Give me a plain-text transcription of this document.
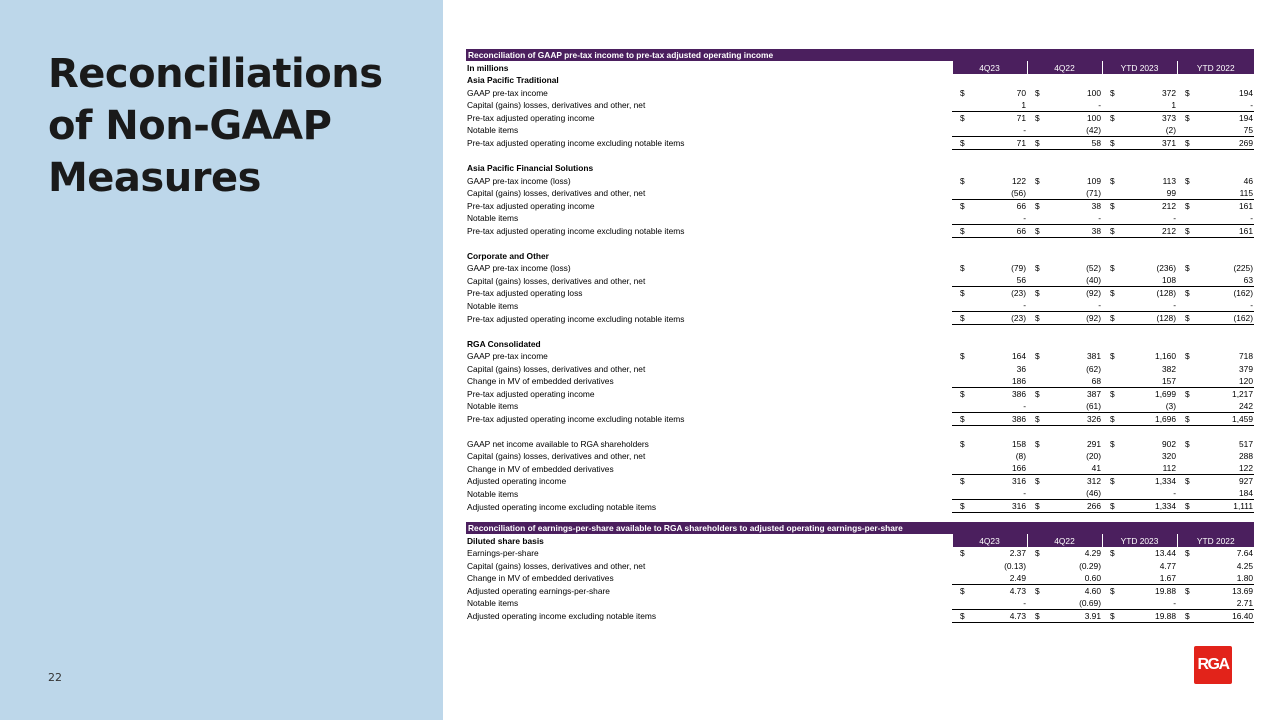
Reconciliations of Non-GAAP Measures
22
RGA
Reconciliation of GAAP pre-tax income to pre-tax adjusted operating income								
In millions	4Q23		4Q22		YTD 2023		YTD 2022	
Asia Pacific Traditional								
GAAP pre-tax income	$	70	$	100	$	372	$	194
Capital (gains) losses, derivatives and other, net		1		-		1		-
Pre-tax adjusted operating income	$	71	$	100	$	373	$	194
Notable items		-		(42)		(2)		75
Pre-tax adjusted operating income excluding notable items	$	71	$	58	$	371	$	269

Asia Pacific Financial Solutions								
GAAP pre-tax income (loss)	$	122	$	109	$	113	$	46
Capital (gains) losses, derivatives and other, net		(56)		(71)		99		115
Pre-tax adjusted operating income	$	66	$	38	$	212	$	161
Notable items		-		-		-		-
Pre-tax adjusted operating income excluding notable items	$	66	$	38	$	212	$	161

Corporate and Other								
GAAP pre-tax income (loss)	$	(79)	$	(52)	$	(236)	$	(225)
Capital (gains) losses, derivatives and other, net		56		(40)		108		63
Pre-tax adjusted operating loss	$	(23)	$	(92)	$	(128)	$	(162)
Notable items		-		-		-		-
Pre-tax adjusted operating income excluding notable items	$	(23)	$	(92)	$	(128)	$	(162)

RGA Consolidated								
GAAP pre-tax income	$	164	$	381	$	1,160	$	718
Capital (gains) losses, derivatives and other, net		36		(62)		382		379
Change in MV of embedded derivatives		186		68		157		120
Pre-tax adjusted operating income	$	386	$	387	$	1,699	$	1,217
Notable items		-		(61)		(3)		242
Pre-tax adjusted operating income excluding notable items	$	386	$	326	$	1,696	$	1,459

GAAP net income available to RGA shareholders	$	158	$	291	$	902	$	517
Capital (gains) losses, derivatives and other, net		(8)		(20)		320		288
Change in MV of embedded derivatives		166		41		112		122
Adjusted operating income	$	316	$	312	$	1,334	$	927
Notable items		-		(46)		-		184
Adjusted operating income excluding notable items	$	316	$	266	$	1,334	$	1,111
Reconciliation of earnings-per-share available to RGA shareholders to adjusted operating earnings-per-share								
Diluted share basis	4Q23		4Q22		YTD 2023		YTD 2022	
Earnings-per-share	$	2.37	$	4.29	$	13.44	$	7.64
Capital (gains) losses, derivatives and other, net		(0.13)		(0.29)		4.77		4.25
Change in MV of embedded derivatives		2.49		0.60		1.67		1.80
Adjusted operating earnings-per-share	$	4.73	$	4.60	$	19.88	$	13.69
Notable items		-		(0.69)		-		2.71
Adjusted operating income excluding notable items	$	4.73	$	3.91	$	19.88	$	16.40
